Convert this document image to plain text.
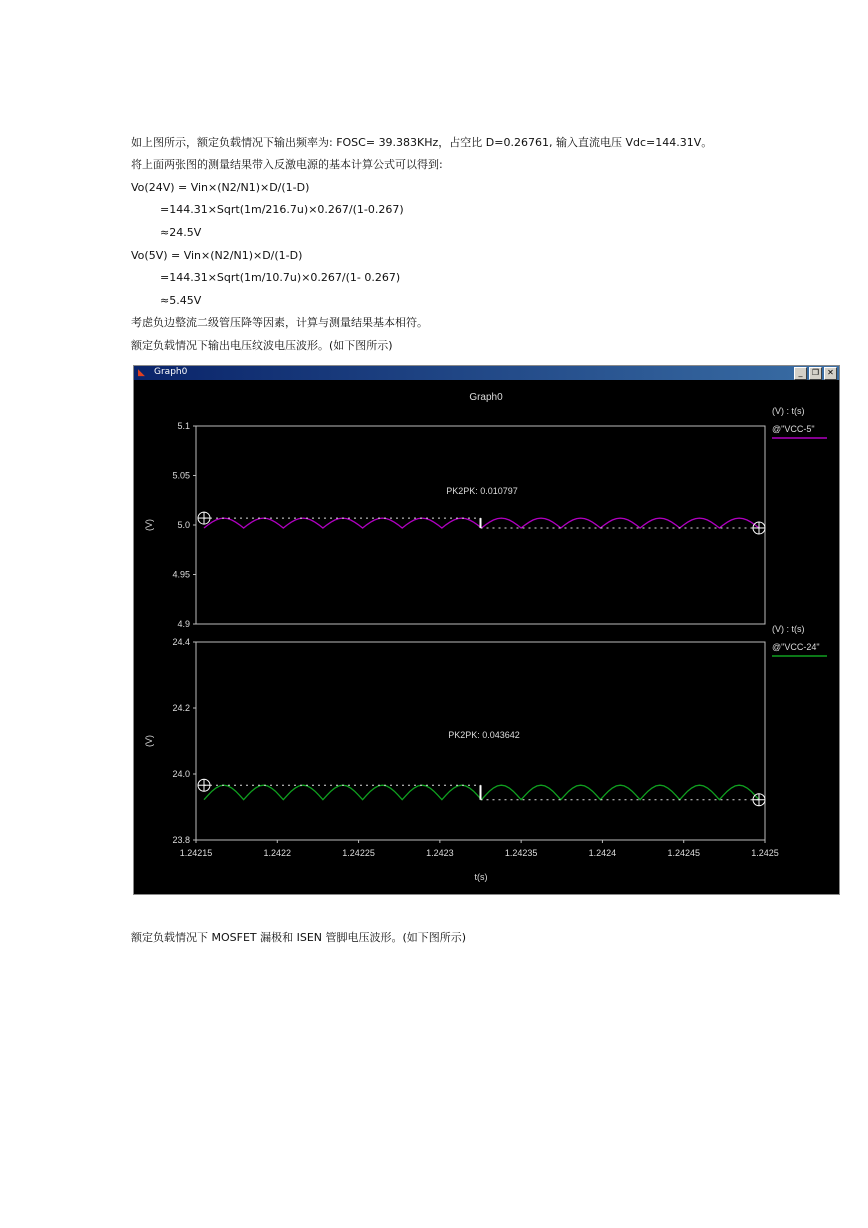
如上图所示，额定负载情况下输出频率为: FOSC= 39.383KHz，占空比 D=0.26761, 输入直流电压 Vdc=144.31V。
将上面两张图的测量结果带入反激电源的基本计算公式可以得到:
Vo(24V) = Vin×(N2/N1)×D/(1-D)
=144.31×Sqrt(1m/216.7u)×0.267/(1-0.267)
≈24.5V
Vo(5V) = Vin×(N2/N1)×D/(1-D)
=144.31×Sqrt(1m/10.7u)×0.267/(1- 0.267)
≈5.45V
考虑负边整流二级管压降等因素，计算与测量结果基本相符。
额定负载情况下输出电压纹波电压波形。(如下图所示)
◣ Graph0	_	❐	✕
Graph0
(V) : t(s)
@"VCC-5"
(V) : t(s)
@"VCC-24"
(V)
(V)
PK2PK: 0.010797
PK2PK: 0.043642
t(s)
5.1
5.05
5.0
4.95
4.9
24.4
24.2
24.0
23.8
1.24215	1.2422	1.24225	1.2423	1.24235	1.2424	1.24245	1.2425
额定负载情况下 MOSFET 漏极和 ISEN 管脚电压波形。(如下图所示)
